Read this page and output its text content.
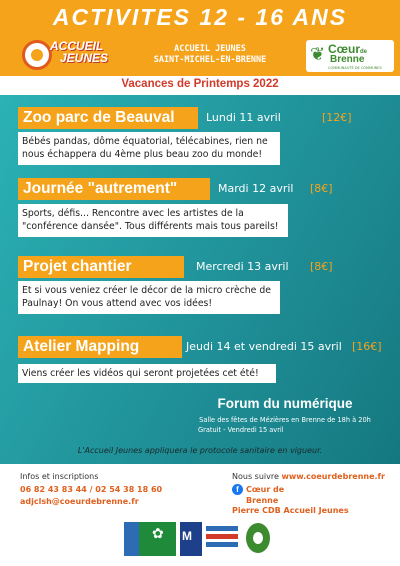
ACTIVITES 12 - 16 ANS
ACCUEIL
JEUNES
ACCUEIL JEUNES
SAINT-MICHEL-EN-BRENNE	❦ Cœurde
Brenne
COMMUNAUTÉ DE COMMUNES
Vacances de Printemps 2022
Zoo parc de Beauval	Lundi 11 avril	[12€]
Bébés pandas, dôme équatorial, télécabines, rien ne
nous échappera du 4ème plus beau zoo du monde!
Journée "autrement"	Mardi 12 avril [8€]
Sports, défis... Rencontre avec les artistes de la
"conférence dansée". Tous différents mais tous pareils!
Projet chantier	Mercredi 13 avril [8€]
Et si vous veniez créer le décor de la micro crèche de
Paulnay! On vous attend avec vos idées!
Atelier Mapping	Jeudi 14 et vendredi 15 avril [16€]
Viens créer les vidéos qui seront projetées cet été!
Forum du numérique
Salle des fêtes de Mézières en Brenne de 18h à 20h
Gratuit - Vendredi 15 avril
L'Accueil Jeunes appliquera le protocole sanitaire en vigueur.
Infos et inscriptions
06 82 43 83 44 / 02 54 38 18 60
adjclsh@coeurdebrenne.fr
Nous suivre www.coeurdebrenne.fr
f Cœur de
Brenne
Pierre CDB Accueil Jeunes
✿ M
